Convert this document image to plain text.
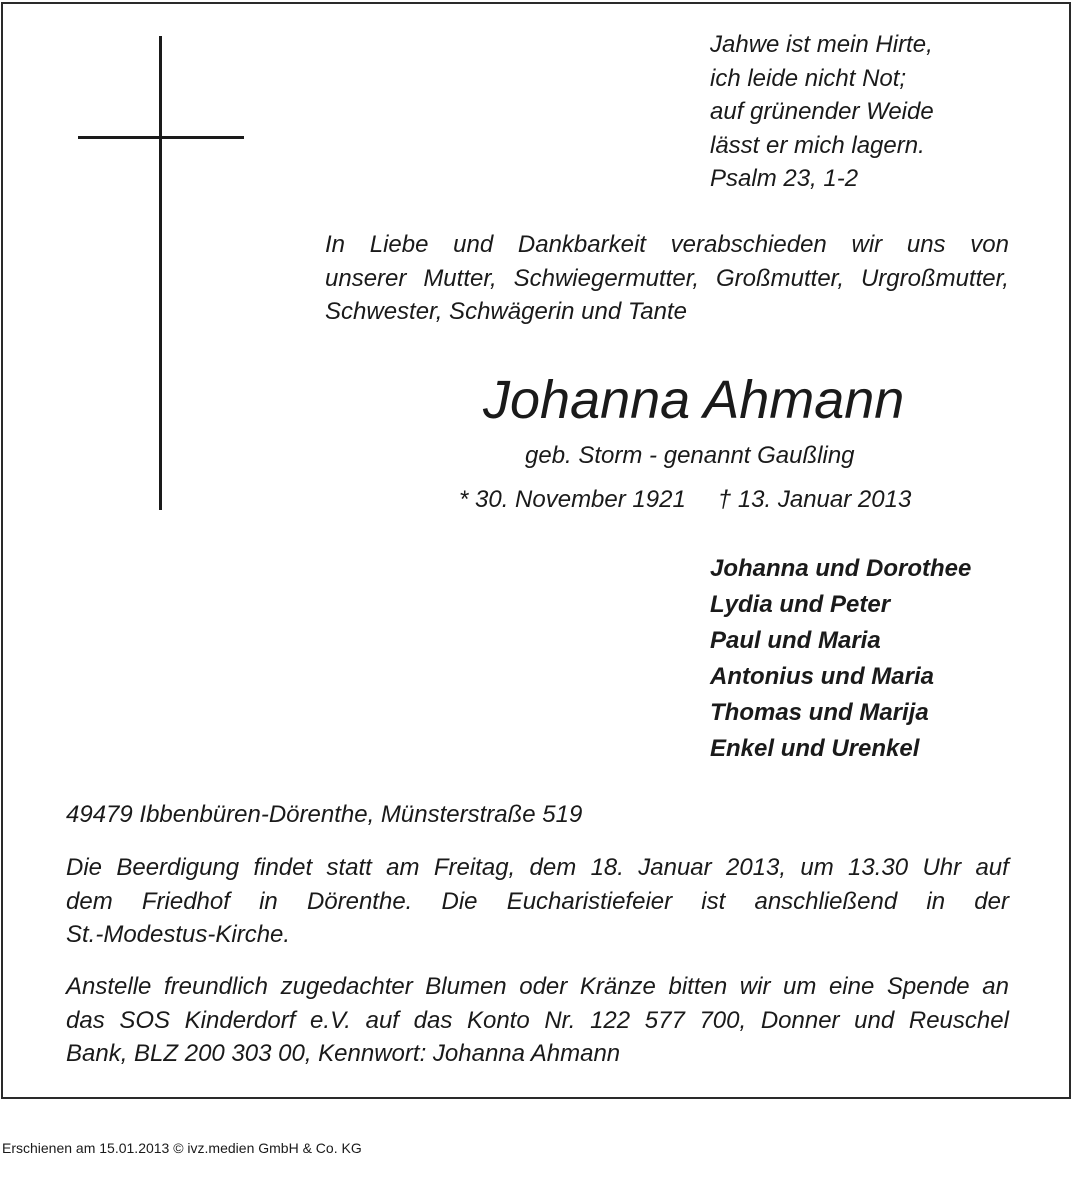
Jahwe ist mein Hirte,
ich leide nicht Not;
auf grünender Weide
lässt er mich lagern.
Psalm 23, 1-2
In Liebe und Dankbarkeit verabschieden wir uns von
unserer Mutter, Schwiegermutter, Großmutter, Urgroßmutter,
Schwester, Schwägerin und Tante
Johanna Ahmann
geb. Storm - genannt Gaußling
* 30. November 1921 † 13. Januar 2013
Johanna und Dorothee
Lydia und Peter
Paul und Maria
Antonius und Maria
Thomas und Marija
Enkel und Urenkel
49479 Ibbenbüren-Dörenthe, Münsterstraße 519
Die Beerdigung findet statt am Freitag, dem 18. Januar 2013, um 13.30 Uhr auf
dem Friedhof in Dörenthe. Die Eucharistiefeier ist anschließend in der
St.-Modestus-Kirche.
Anstelle freundlich zugedachter Blumen oder Kränze bitten wir um eine Spende an
das SOS Kinderdorf e.V. auf das Konto Nr. 122 577 700, Donner und Reuschel
Bank, BLZ 200 303 00, Kennwort: Johanna Ahmann
Erschienen am 15.01.2013 © ivz.medien GmbH & Co. KG
